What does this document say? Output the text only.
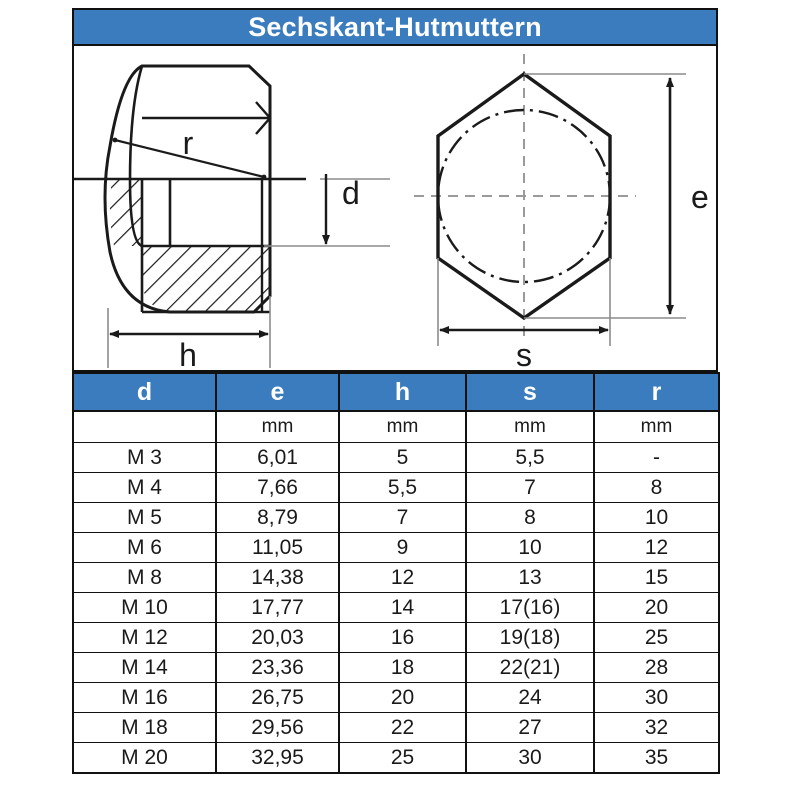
Sechskant-Hutmuttern
r
d
h
e
s
d	e	h	s	r
	mm	mm	mm	mm
M 3	6,01	5	5,5	-
M 4	7,66	5,5	7	8
M 5	8,79	7	8	10
M 6	11,05	9	10	12
M 8	14,38	12	13	15
M 10	17,77	14	17(16)	20
M 12	20,03	16	19(18)	25
M 14	23,36	18	22(21)	28
M 16	26,75	20	24	30
M 18	29,56	22	27	32
M 20	32,95	25	30	35
